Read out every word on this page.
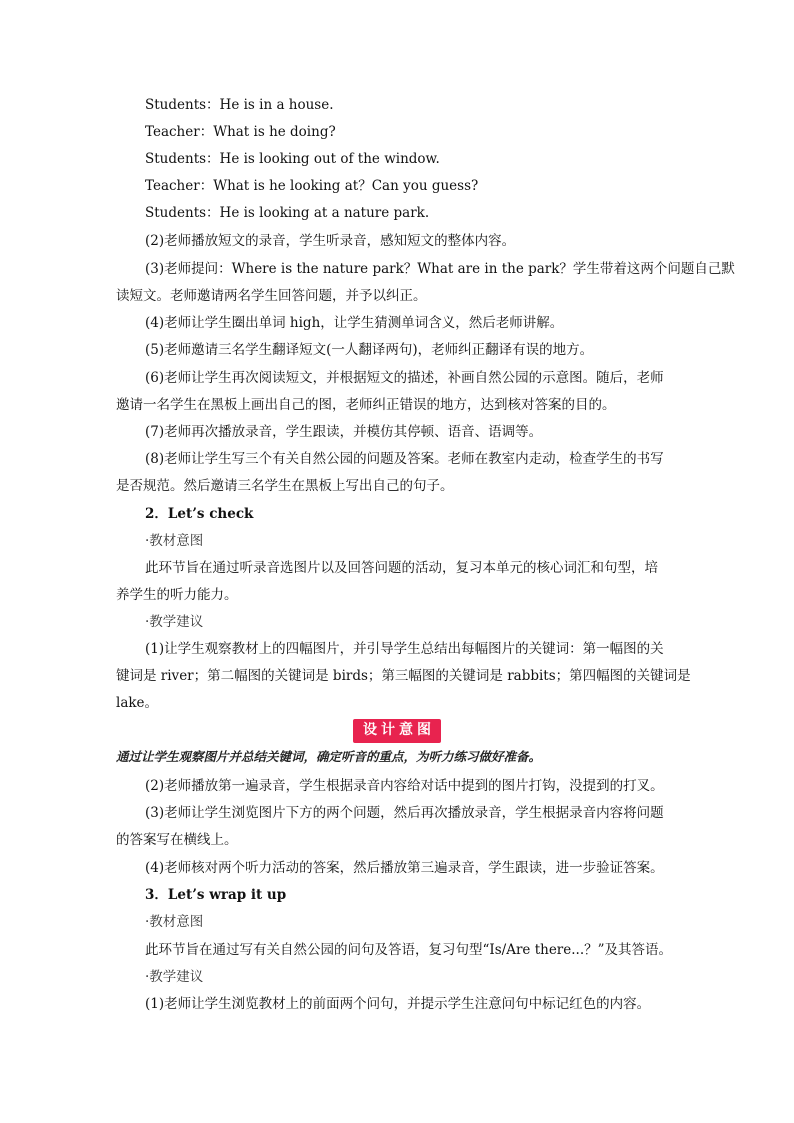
Students：He is in a house.
Teacher：What is he doing?
Students：He is looking out of the window.
Teacher：What is he looking at？Can you guess?
Students：He is looking at a nature park.
(2)老师播放短文的录音，学生听录音，感知短文的整体内容。
(3)老师提问：Where is the nature park？What are in the park？学生带着这两个问题自己默
读短文。老师邀请两名学生回答问题，并予以纠正。
(4)老师让学生圈出单词 high，让学生猜测单词含义，然后老师讲解。
(5)老师邀请三名学生翻译短文(一人翻译两句)，老师纠正翻译有误的地方。
(6)老师让学生再次阅读短文，并根据短文的描述，补画自然公园的示意图。随后，老师
邀请一名学生在黑板上画出自己的图，老师纠正错误的地方，达到核对答案的目的。
(7)老师再次播放录音，学生跟读，并模仿其停顿、语音、语调等。
(8)老师让学生写三个有关自然公园的问题及答案。老师在教室内走动，检查学生的书写
是否规范。然后邀请三名学生在黑板上写出自己的句子。
2．Let’s check
·教材意图
此环节旨在通过听录音选图片以及回答问题的活动，复习本单元的核心词汇和句型，培
养学生的听力能力。
·教学建议
(1)让学生观察教材上的四幅图片，并引导学生总结出每幅图片的关键词：第一幅图的关
键词是 river；第二幅图的关键词是 birds；第三幅图的关键词是 rabbits；第四幅图的关键词是
lake。
设计意图
通过让学生观察图片并总结关键词，确定听音的重点，为听力练习做好准备。
(2)老师播放第一遍录音，学生根据录音内容给对话中提到的图片打钩，没提到的打叉。
(3)老师让学生浏览图片下方的两个问题，然后再次播放录音，学生根据录音内容将问题
的答案写在横线上。
(4)老师核对两个听力活动的答案，然后播放第三遍录音，学生跟读，进一步验证答案。
3．Let’s wrap it up
·教材意图
此环节旨在通过写有关自然公园的问句及答语，复习句型“Is/Are there...？”及其答语。
·教学建议
(1)老师让学生浏览教材上的前面两个问句，并提示学生注意问句中标记红色的内容。
